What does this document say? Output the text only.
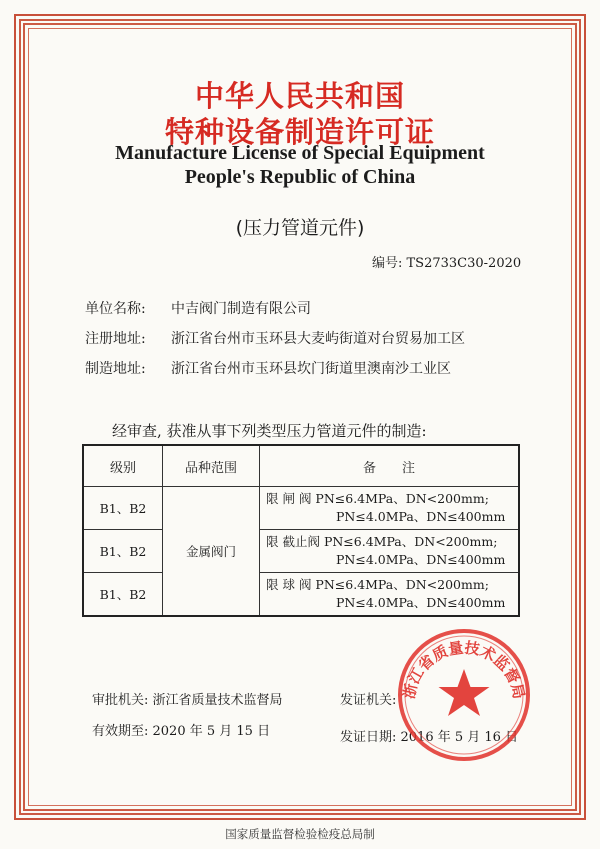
中华人民共和国
特种设备制造许可证
Manufacture License of Special Equipment
People's Republic of China
(压力管道元件)
编号: TS2733C30-2020
单位名称: 中吉阀门制造有限公司
注册地址: 浙江省台州市玉环县大麦屿街道对台贸易加工区
制造地址: 浙江省台州市玉环县坎门街道里澳南沙工业区
经审查, 获准从事下列类型压力管道元件的制造:
级别	品种范围	备　　注
B1、B2	金属阀门	限 闸 阀 PN≤6.4MPa、DN<200mm;
PN≤4.0MPa、DN≤400mm

B1、B2		限 截止阀 PN≤6.4MPa、DN<200mm;
PN≤4.0MPa、DN≤400mm

B1、B2		限 球 阀 PN≤6.4MPa、DN<200mm;
PN≤4.0MPa、DN≤400mm
审批机关: 浙江省质量技术监督局	发证机关:
有效期至: 2020 年 5 月 15 日	发证日期: 2016 年 5 月 16 日
浙江省质量技术监督局
国家质量监督检验检疫总局制
